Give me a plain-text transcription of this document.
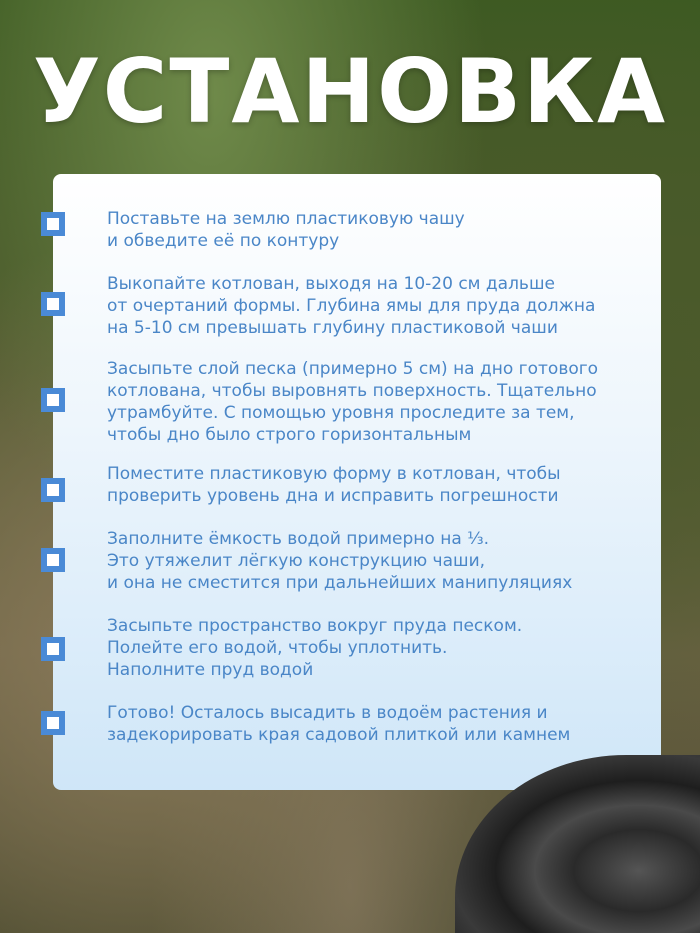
УСТАНОВКА
Поставьте на землю пластиковую чашу
и обведите её по контуру
Выкопайте котлован, выходя на 10-20 см дальше
от очертаний формы. Глубина ямы для пруда должна
на 5-10 см превышать глубину пластиковой чаши
Засыпьте слой песка (примерно 5 см) на дно готового
котлована, чтобы выровнять поверхность. Тщательно
утрамбуйте. С помощью уровня проследите за тем,
чтобы дно было строго горизонтальным
Поместите пластиковую форму в котлован, чтобы
проверить уровень дна и исправить погрешности
Заполните ёмкость водой примерно на ⅓.
Это утяжелит лёгкую конструкцию чаши,
и она не сместится при дальнейших манипуляциях
Засыпьте пространство вокруг пруда песком.
Полейте его водой, чтобы уплотнить.
Наполните пруд водой
Готово! Осталось высадить в водоём растения и
задекорировать края садовой плиткой или камнем
